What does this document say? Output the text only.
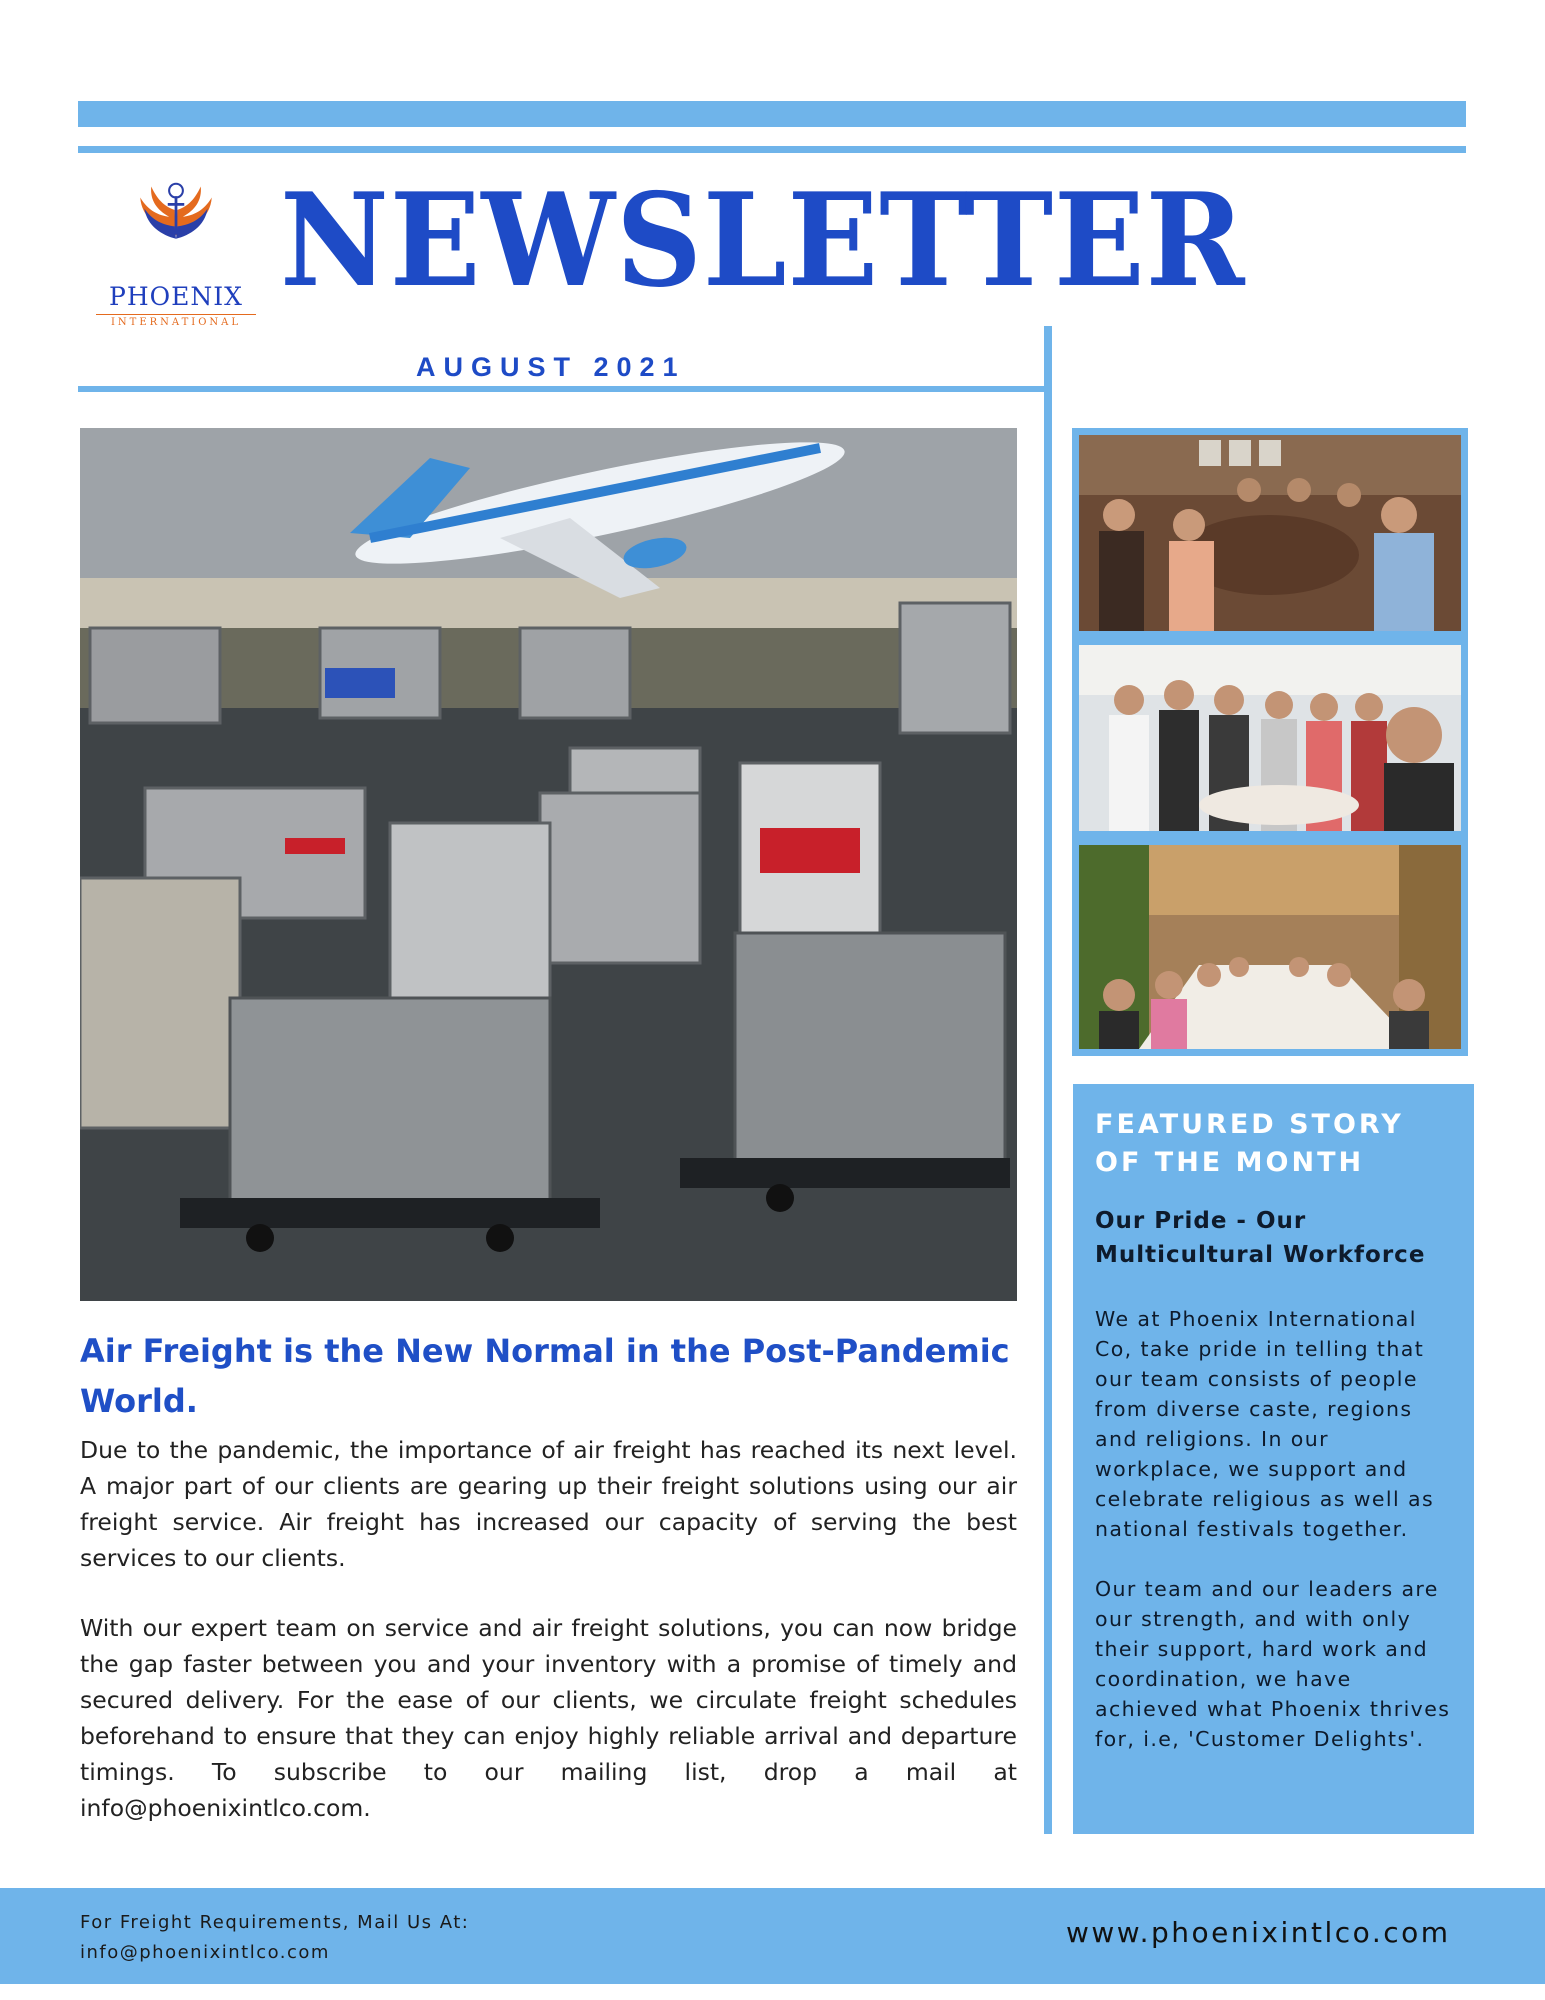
PHOENIX
INTERNATIONAL
NEWSLETTER
AUGUST 2021
Air Freight is the New Normal in the Post-Pandemic World.
Due to the pandemic, the importance of air freight has reached its next level. A major part of our clients are gearing up their freight solutions using our air freight service. Air freight has increased our capacity of serving the best services to our clients.
With our expert team on service and air freight solutions, you can now bridge the gap faster between you and your inventory with a promise of timely and secured delivery. For the ease of our clients, we circulate freight schedules beforehand to ensure that they can enjoy highly reliable arrival and departure timings. To subscribe to our mailing list, drop a mail at info@phoenixintlco.com.
FEATURED STORY OF THE MONTH
Our Pride - Our Multicultural Workforce
We at Phoenix International Co, take pride in telling that our team consists of people from diverse caste, regions and religions. In our workplace, we support and celebrate religious as well as national festivals together.
Our team and our leaders are our strength, and with only their support, hard work and coordination, we have achieved what Phoenix thrives for, i.e, 'Customer Delights'.
For Freight Requirements, Mail Us At:
info@phoenixintlco.com
www.phoenixintlco.com
